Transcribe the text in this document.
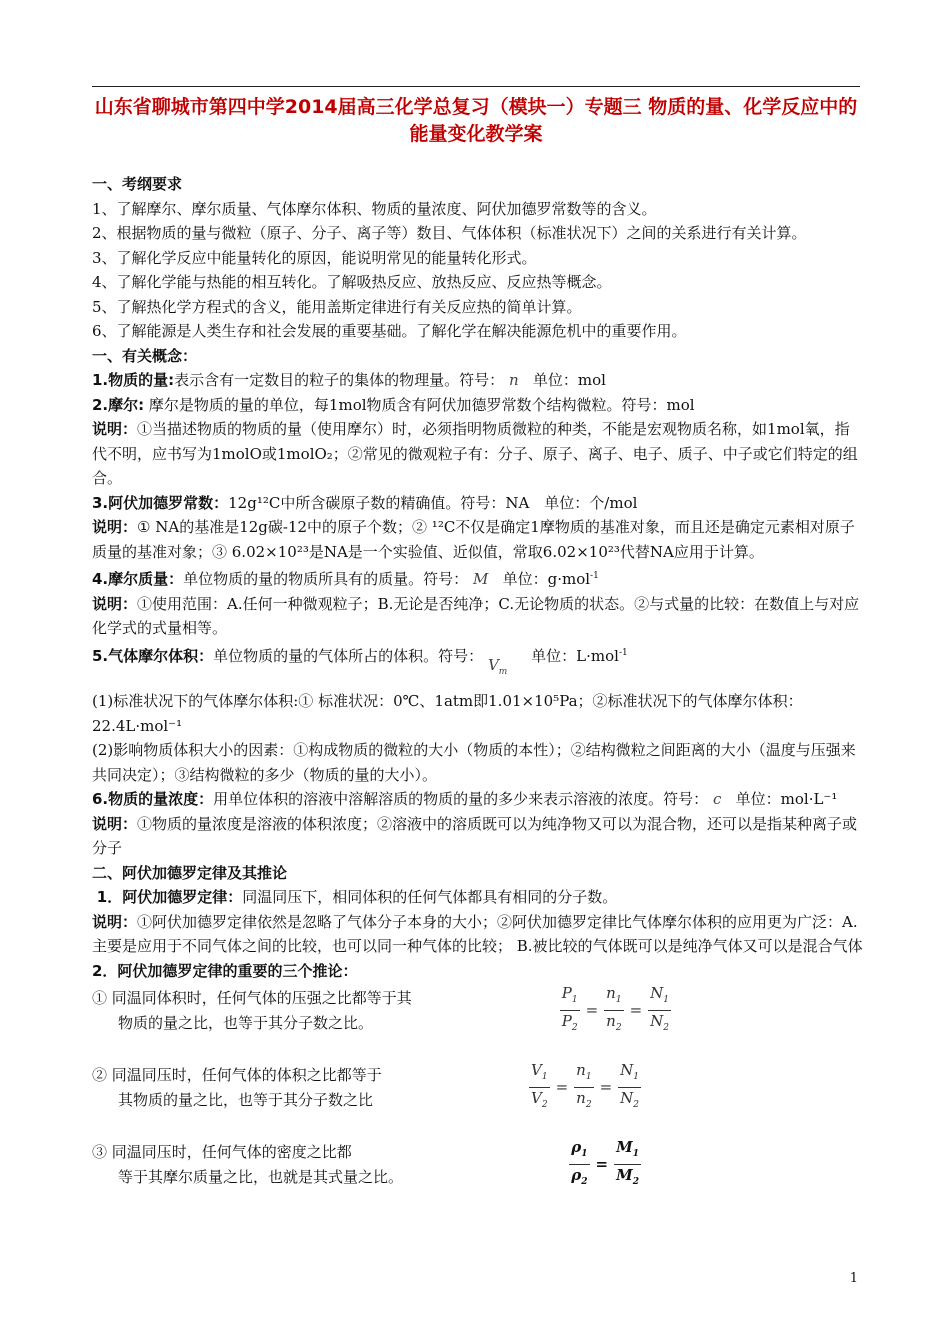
山东省聊城市第四中学2014届高三化学总复习（模块一）专题三 物质的量、化学反应中的能量变化教学案

一、考纲要求

1、了解摩尔、摩尔质量、气体摩尔体积、物质的量浓度、阿伏加德罗常数等的含义。

2、根据物质的量与微粒（原子、分子、离子等）数目、气体体积（标准状况下）之间的关系进行有关计算。

3、了解化学反应中能量转化的原因，能说明常见的能量转化形式。

4、了解化学能与热能的相互转化。了解吸热反应、放热反应、反应热等概念。

5、了解热化学方程式的含义，能用盖斯定律进行有关反应热的简单计算。

6、了解能源是人类生存和社会发展的重要基础。了解化学在解决能源危机中的重要作用。

一、有关概念：

1.物质的量:表示含有一定数目的粒子的集体的物理量。符号： n 单位：mol

2.摩尔: 摩尔是物质的量的单位，每1mol物质含有阿伏加德罗常数个结构微粒。符号：mol

说明：①当描述物质的物质的量（使用摩尔）时，必须指明物质微粒的种类，不能是宏观物质名称，如1mol氧，指代不明，应书写为1molO或1molO₂；②常见的微观粒子有：分子、原子、离子、电子、质子、中子或它们特定的组合。

3.阿伏加德罗常数：12g¹²C中所含碳原子数的精确值。符号：NA　单位：个/mol

说明：① NA的基准是12g碳-12中的原子个数；② ¹²C不仅是确定1摩物质的基准对象，而且还是确定元素相对原子质量的基准对象；③ 6.02×10²³是NA是一个实验值、近似值，常取6.02×10²³代替NA应用于计算。

4.摩尔质量：单位物质的量的物质所具有的质量。符号： M 单位：g·mol$^{-1}$

说明：①使用范围：A.任何一种微观粒子；B.无论是否纯净；C.无论物质的状态。②与式量的比较：在数值上与对应化学式的式量相等。

5.气体摩尔体积：单位物质的量的气体所占的体积。符号： $V_m$     单位：L·mol$^{-1}$

(1)标准状况下的气体摩尔体积:① 标准状况：0℃、1atm即1.01×10⁵Pa；②标准状况下的气体摩尔体积：22.4L·mol⁻¹

(2)影响物质体积大小的因素：①构成物质的微粒的大小（物质的本性）；②结构微粒之间距离的大小（温度与压强来共同决定）；③结构微粒的多少（物质的量的大小）。

6.物质的量浓度：用单位体积的溶液中溶解溶质的物质的量的多少来表示溶液的浓度。符号： c 单位：mol·L⁻¹

说明：①物质的量浓度是溶液的体积浓度；②溶液中的溶质既可以为纯净物又可以为混合物，还可以是指某种离子或分子

二、阿伏加德罗定律及其推论

1．阿伏加德罗定律：同温同压下，相同体积的任何气体都具有相同的分子数。

说明：①阿伏加德罗定律依然是忽略了气体分子本身的大小；②阿伏加德罗定律比气体摩尔体积的应用更为广泛：A.主要是应用于不同气体之间的比较，也可以同一种气体的比较； B.被比较的气体既可以是纯净气体又可以是混合气体

2．阿伏加德罗定律的重要的三个推论：

① 同温同体积时，任何气体的压强之比都等于其

物质的量之比，也等于其分子数之比。	$\frac{P_1}{P_2} = \frac{n_1}{n_2} = \frac{N_1}{N_2}$

② 同温同压时，任何气体的体积之比都等于

其物质的量之比，也等于其分子数之比	$\frac{V_1}{V_2} = \frac{n_1}{n_2} = \frac{N_1}{N_2}$

③ 同温同压时，任何气体的密度之比都

等于其摩尔质量之比，也就是其式量之比。	$\frac{\rho_1}{\rho_2} = \frac{M_1}{M_2}$
1
